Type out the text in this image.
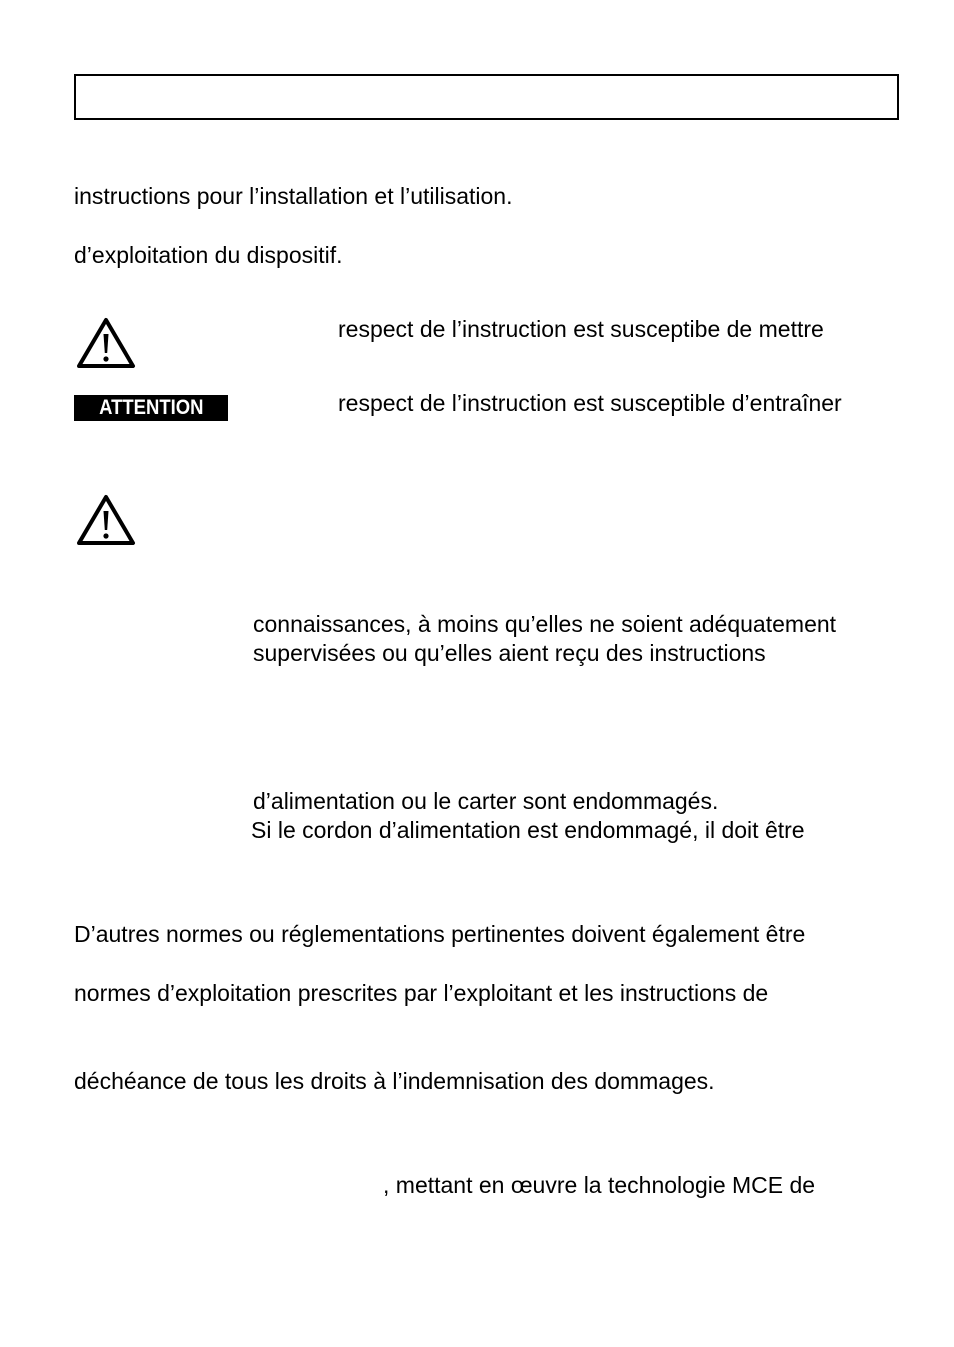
instructions pour l’installation et l’utilisation.

d’exploitation du dispositif.

respect de l’instruction est susceptibe de mettre

ATTENTION	respect de l’instruction est susceptible d’entraîner

connaissances, à moins qu’elles ne soient adéquatement

supervisées ou qu’elles aient reçu des instructions

d’alimentation ou le carter sont endommagés.

Si le cordon d’alimentation est endommagé, il doit être

D’autres normes ou réglementations pertinentes doivent également être

normes d’exploitation prescrites par l’exploitant et les instructions de

déchéance de tous les droits à l’indemnisation des dommages.

, mettant en œuvre la technologie MCE de
